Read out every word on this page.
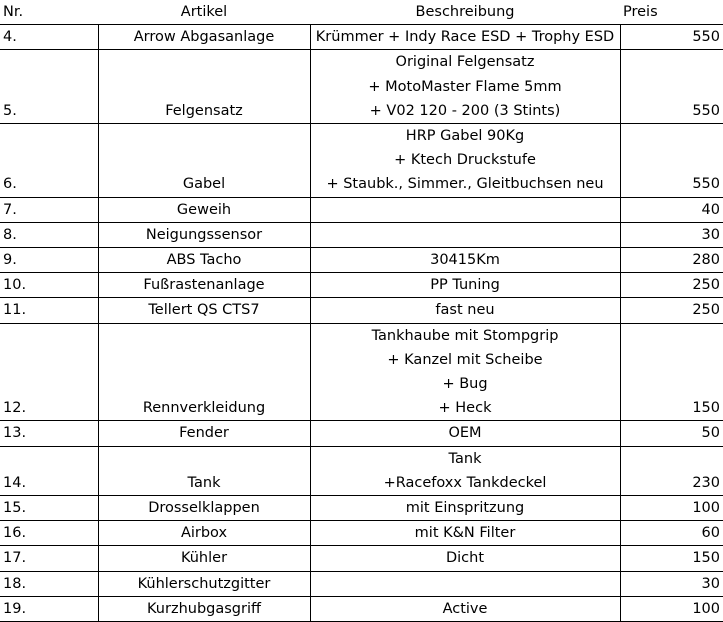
Nr.	Artikel	Beschreibung	Preis
4.	Arrow Abgasanlage	Krümmer + Indy Race ESD + Trophy ESD	550
5.	Felgensatz	Original Felgensatz
+ MotoMaster Flame 5mm
+ V02 120 - 200 (3 Stints)	550
6.	Gabel	HRP Gabel 90Kg
+ Ktech Druckstufe
+ Staubk., Simmer., Gleitbuchsen neu	550
7.	Geweih		40
8.	Neigungssensor		30
9.	ABS Tacho	30415Km	280
10.	Fußrastenanlage	PP Tuning	250
11.	Tellert QS CTS7	fast neu	250
12.	Rennverkleidung	Tankhaube mit Stompgrip
+ Kanzel mit Scheibe
+ Bug
+ Heck	150
13.	Fender	OEM	50
14.	Tank	Tank
+Racefoxx Tankdeckel	230
15.	Drosselklappen	mit Einspritzung	100
16.	Airbox	mit K&N Filter	60
17.	Kühler	Dicht	150
18.	Kühlerschutzgitter		30
19.	Kurzhubgasgriff	Active	100
